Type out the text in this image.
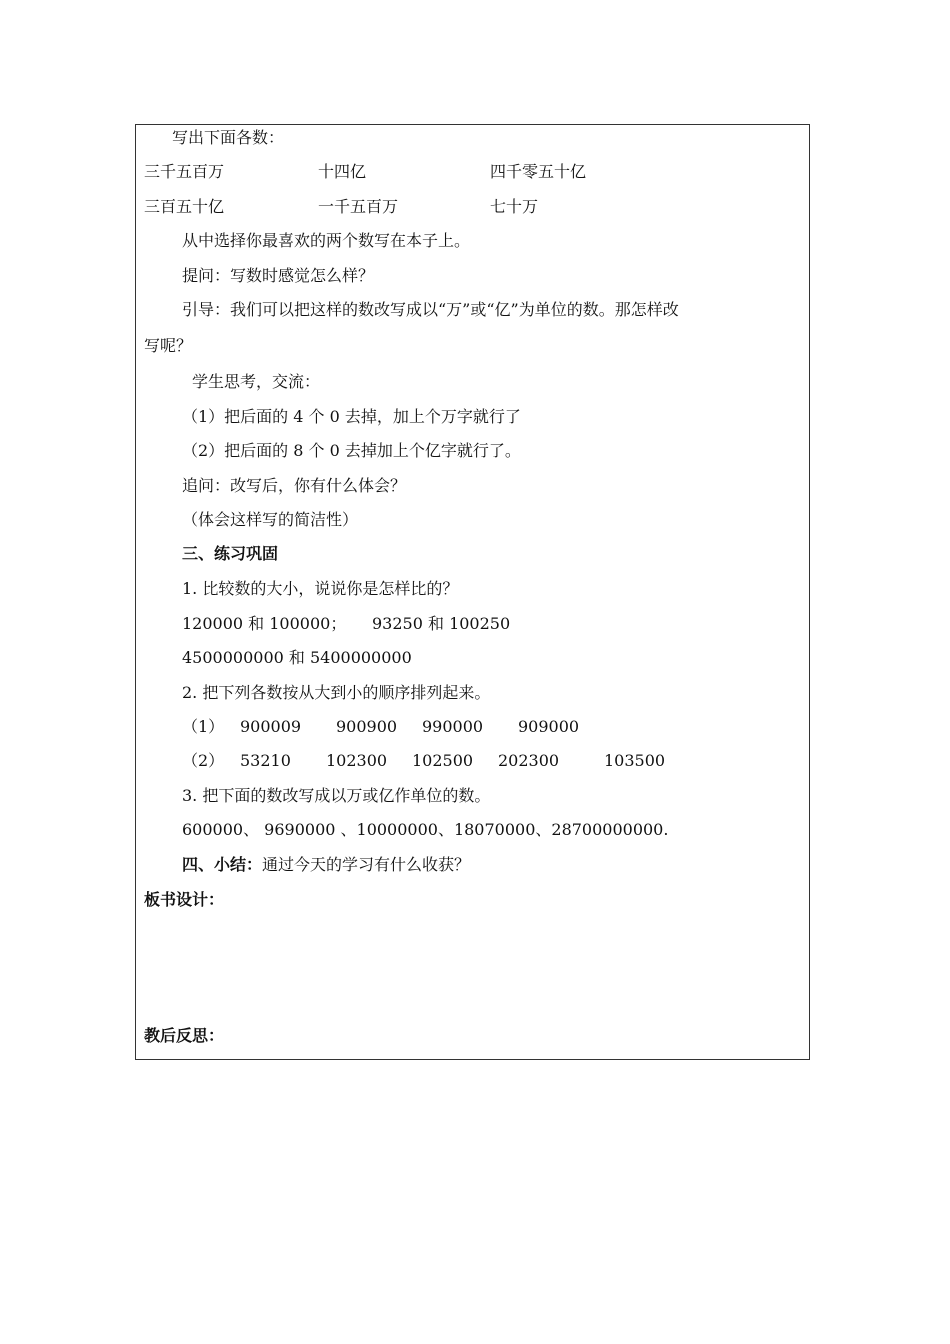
写出下面各数：
三千五百万	十四亿	四千零五十亿
三百五十亿	一千五百万	七十万
从中选择你最喜欢的两个数写在本子上。
提问：写数时感觉怎么样？
引导：我们可以把这样的数改写成以“万”或“亿”为单位的数。那怎样改
写呢？
学生思考，交流：
（1）把后面的 4 个 0 去掉，加上个万字就行了
（2）把后面的 8 个 0 去掉加上个亿字就行了。
追问：改写后，你有什么体会？
（体会这样写的简洁性）
三、练习巩固
1. 比较数的大小，说说你是怎样比的？
120000 和 100000； 93250 和 100250
4500000000 和 5400000000
2. 把下列各数按从大到小的顺序排列起来。
（1） 900009 900900 990000 909000
（2） 53210 102300 102500 202300	103500
3. 把下面的数改写成以万或亿作单位的数。
600000、 9690000 、10000000、18070000、28700000000.
四、小结：通过今天的学习有什么收获？
板书设计：
教后反思：
